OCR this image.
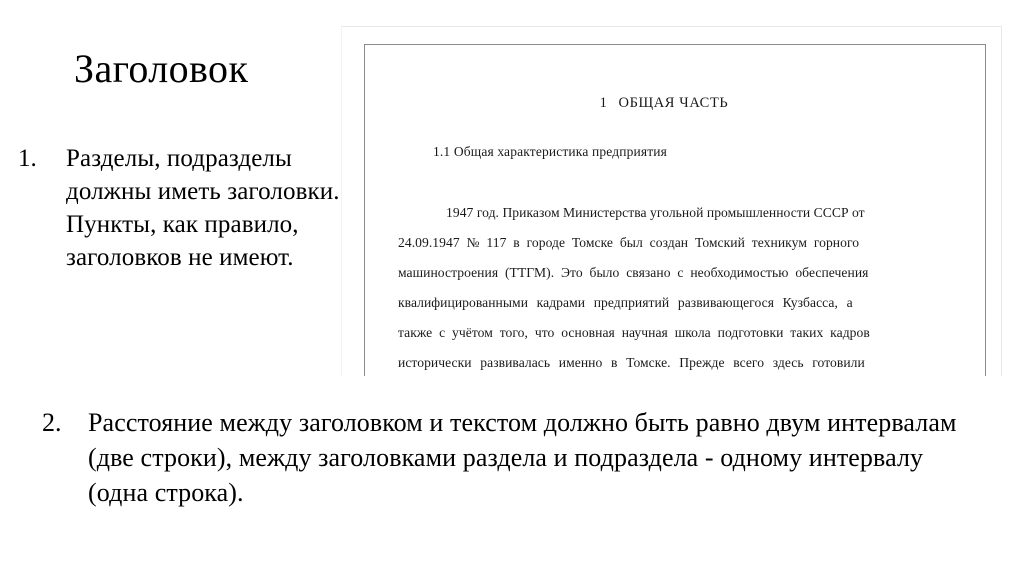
Заголовок
1.	Разделы, подразделы должны иметь заголовки. Пункты, как правило, заголовков не имеют.
2.	Расстояние между заголовком и текстом должно быть равно двум интервалам (две строки), между заголовками раздела и подраздела - одному интервалу (одна строка).
1 ОБЩАЯ ЧАСТЬ
1.1 Общая характеристика предприятия
1947 год. Приказом Министерства угольной промышленности СССР от
24.09.1947 № 117 в городе Томске был создан Томский техникум горного
машиностроения (ТТГМ). Это было связано с необходимостью обеспечения
квалифицированными кадрами предприятий развивающегося Кузбасса, а
также с учётом того, что основная научная школа подготовки таких кадров
исторически развивалась именно в Томске. Прежде всего здесь готовили
